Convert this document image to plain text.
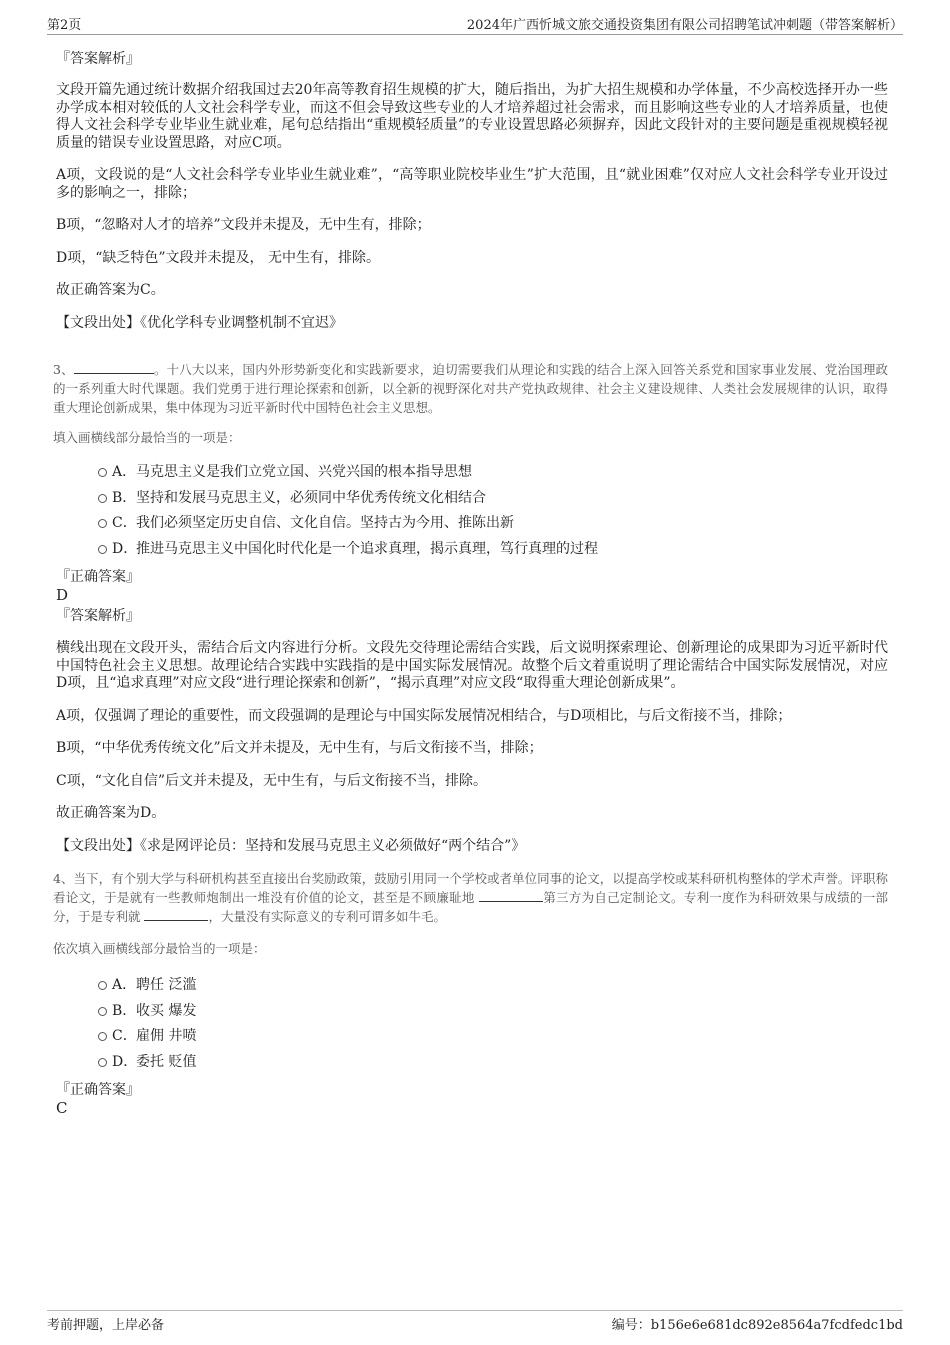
第2页	2024年广西忻城文旅交通投资集团有限公司招聘笔试冲刺题（带答案解析）

『答案解析』

文段开篇先通过统计数据介绍我国过去20年高等教育招生规模的扩大，随后指出，为扩大招生规模和办学体量，不少高校选择开办一些办学成本相对较低的人文社会科学专业，而这不但会导致这些专业的人才培养超过社会需求，而且影响这些专业的人才培养质量，也使得人文社会科学专业毕业生就业难，尾句总结指出“重规模轻质量”的专业设置思路必须摒弃，因此文段针对的主要问题是重视规模轻视质量的错误专业设置思路，对应C项。

A项，文段说的是“人文社会科学专业毕业生就业难”，“高等职业院校毕业生”扩大范围，且“就业困难”仅对应人文社会科学专业开设过多的影响之一，排除；

B项，“忽略对人才的培养”文段并未提及，无中生有，排除；

D项，“缺乏特色”文段并未提及， 无中生有，排除。

故正确答案为C。

【文段出处】《优化学科专业调整机制不宜迟》

3、	。十八大以来，国内外形势新变化和实践新要求，迫切需要我们从理论和实践的结合上深入回答关系党和国家事业发展、党治国理政的一系列重大时代课题。我们党勇于进行理论探索和创新，以全新的视野深化对共产党执政规律、社会主义建设规律、人类社会发展规律的认识，取得重大理论创新成果，集中体现为习近平新时代中国特色社会主义思想。

填入画横线部分最恰当的一项是：

A．马克思主义是我们立党立国、兴党兴国的根本指导思想
B．坚持和发展马克思主义，必须同中华优秀传统文化相结合
C．我们必须坚定历史自信、文化自信。坚持古为今用、推陈出新
D．推进马克思主义中国化时代化是一个追求真理，揭示真理，笃行真理的过程

『正确答案』

D

『答案解析』

横线出现在文段开头，需结合后文内容进行分析。文段先交待理论需结合实践，后文说明探索理论、创新理论的成果即为习近平新时代中国特色社会主义思想。故理论结合实践中实践指的是中国实际发展情况。故整个后文着重说明了理论需结合中国实际发展情况，对应D项，且“追求真理”对应文段“进行理论探索和创新”，“揭示真理”对应文段“取得重大理论创新成果”。

A项，仅强调了理论的重要性，而文段强调的是理论与中国实际发展情况相结合，与D项相比，与后文衔接不当，排除；

B项，“中华优秀传统文化”后文并未提及，无中生有，与后文衔接不当，排除；

C项，“文化自信”后文并未提及，无中生有，与后文衔接不当，排除。

故正确答案为D。

【文段出处】《求是网评论员：坚持和发展马克思主义必须做好“两个结合”》

4、当下，有个别大学与科研机构甚至直接出台奖励政策，鼓励引用同一个学校或者单位同事的论文，以提高学校或某科研机构整体的学术声誉。评职称看论文，于是就有一些教师炮制出一堆没有价值的论文，甚至是不顾廉耻地	第三方为自己定制论文。专利一度作为科研效果与成绩的一部分，于是专利就	，大量没有实际意义的专利可谓多如牛毛。

依次填入画横线部分最恰当的一项是：

A．聘任 泛滥
B．收买 爆发
C．雇佣 井喷
D．委托 贬值

『正确答案』

C

考前押题，上岸必备	编号：b156e6e681dc892e8564a7fcdfedc1bd
